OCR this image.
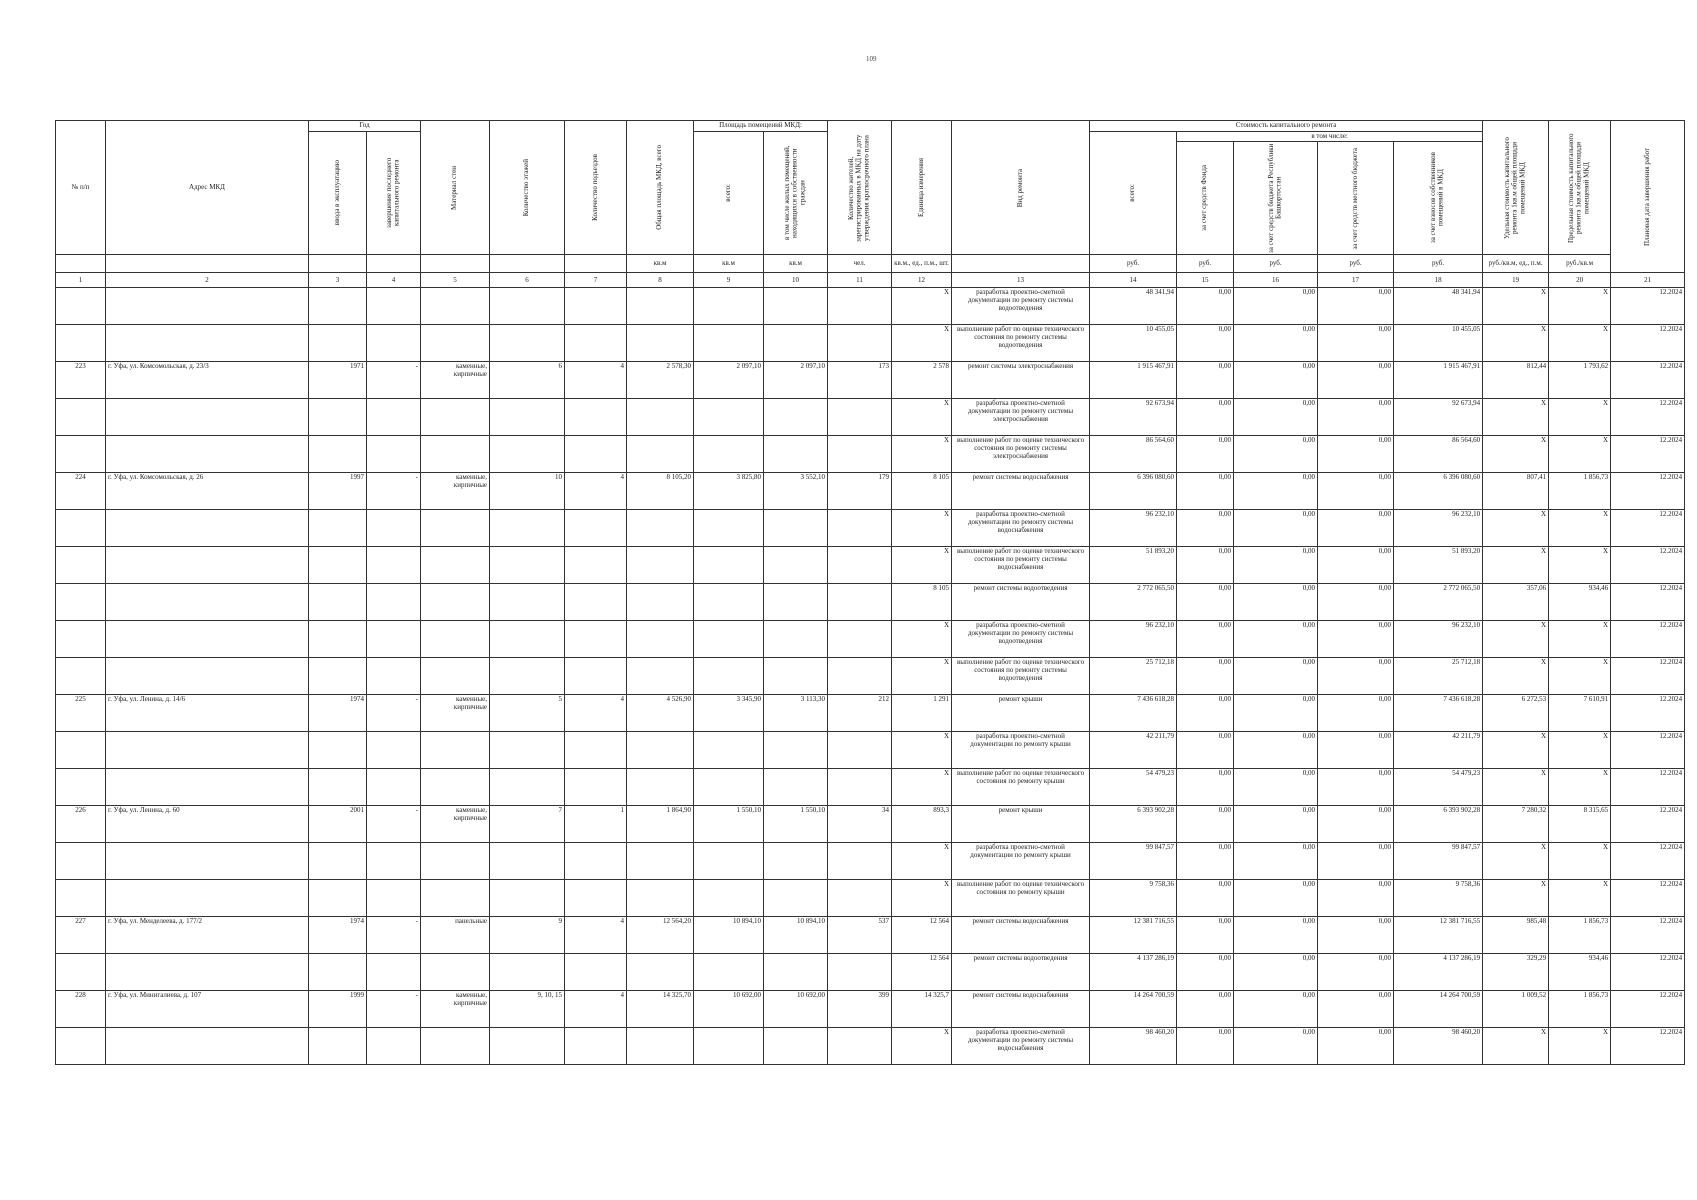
109
№ п/п	Адрес МКД	Год		Материал стен	Количество этажей	Количество подъездов	Общая площадь МКД, всего	Площадь помещений МКД:		Количество жителей, зарегистрированных в МКД на дату утверждения краткосрочного плана	Единица измерения	Вид ремонта	Стоимость капитального ремонта					Удельная стоимость капитального ремонта 1кв.м общей площади помещений МКД	Предельная стоимость капитального ремонта 1кв.м общей площади помещений МКД	Плановая дата завершения работ

		ввода в эксплуатацию	завершение последнего капитального ремонта					всего:	в том числе жилых помещений, находящихся в собственности граждан				всего:	в том числе:						

														за счет средств Фонда	за счет средств бюджета Республики Башкортостан	за счет средств местного бюджета	за счет взносов собственников помещений в МКД			

							кв.м	кв.м	кв.м	чел.	кв.м., ед., п.м., шт.		руб.	руб.	руб.	руб.	руб.	руб./кв.м, ед., п.м.	руб./кв.м	
1	2	3	4	5	6	7	8	9	10	11	12	13	14	15	16	17	18	19	20	21
											X	разработка проектно-сметной документации по ремонту системы водоотведения	48 341,94	0,00	0,00	0,00	48 341,94	X	X	12.2024
											X	выполнение работ по оценке технического состояния по ремонту системы водоотведения	10 455,05	0,00	0,00	0,00	10 455,05	X	X	12.2024
223	г. Уфа, ул. Комсомольская, д. 23/3	1971	-	каменные, кирпичные	6	4	2 578,30	2 097,10	2 097,10	173	2 578	ремонт системы электроснабжения	1 915 467,91	0,00	0,00	0,00	1 915 467,91	812,44	1 793,62	12.2024
											X	разработка проектно-сметной документации по ремонту системы электроснабжения	92 673,94	0,00	0,00	0,00	92 673,94	X	X	12.2024
											X	выполнение работ по оценке технического состояния по ремонту системы электроснабжения	86 564,60	0,00	0,00	0,00	86 564,60	X	X	12.2024
224	г. Уфа, ул. Комсомольская, д. 26	1997	-	каменные, кирпичные	10	4	8 105,20	3 825,80	3 552,10	179	8 105	ремонт системы водоснабжения	6 396 080,60	0,00	0,00	0,00	6 396 080,60	807,41	1 856,73	12.2024
											X	разработка проектно-сметной документации по ремонту системы водоснабжения	96 232,10	0,00	0,00	0,00	96 232,10	X	X	12.2024
											X	выполнение работ по оценке технического состояния по ремонту системы водоснабжения	51 893,20	0,00	0,00	0,00	51 893,20	X	X	12.2024
											8 105	ремонт системы водоотведения	2 772 065,50	0,00	0,00	0,00	2 772 065,50	357,06	934,46	12.2024
											X	разработка проектно-сметной документации по ремонту системы водоотведения	96 232,10	0,00	0,00	0,00	96 232,10	X	X	12.2024
											X	выполнение работ по оценке технического состояния по ремонту системы водоотведения	25 712,18	0,00	0,00	0,00	25 712,18	X	X	12.2024
225	г. Уфа, ул. Ленина, д. 14/6	1974	-	каменные, кирпичные	5	4	4 526,90	3 345,90	3 113,30	212	1 291	ремонт крыши	7 436 618,28	0,00	0,00	0,00	7 436 618,28	6 272,53	7 610,91	12.2024
											X	разработка проектно-сметной документации по ремонту крыши	42 211,79	0,00	0,00	0,00	42 211,79	X	X	12.2024
											X	выполнение работ по оценке технического состояния по ремонту крыши	54 479,23	0,00	0,00	0,00	54 479,23	X	X	12.2024
226	г. Уфа, ул. Ленина, д. 60	2001	-	каменные, кирпичные	7	1	1 864,90	1 550,10	1 550,10	34	893,3	ремонт крыши	6 393 902,28	0,00	0,00	0,00	6 393 902,28	7 280,32	8 315,65	12.2024
											X	разработка проектно-сметной документации по ремонту крыши	99 847,57	0,00	0,00	0,00	99 847,57	X	X	12.2024
											X	выполнение работ по оценке технического состояния по ремонту крыши	9 758,36	0,00	0,00	0,00	9 758,36	X	X	12.2024
227	г. Уфа, ул. Менделеева, д. 177/2	1974	-	панельные	9	4	12 564,20	10 894,10	10 894,10	537	12 564	ремонт системы водоснабжения	12 381 716,55	0,00	0,00	0,00	12 381 716,55	985,48	1 856,73	12.2024
											12 564	ремонт системы водоотведения	4 137 286,19	0,00	0,00	0,00	4 137 286,19	329,29	934,46	12.2024
228	г. Уфа, ул. Минигалиева, д. 107	1999	-	каменные, кирпичные	9, 10, 15	4	14 325,70	10 692,00	10 692,00	399	14 325,7	ремонт системы водоснабжения	14 264 700,59	0,00	0,00	0,00	14 264 700,59	1 009,52	1 856,73	12.2024
											X	разработка проектно-сметной документации по ремонту системы водоснабжения	98 460,20	0,00	0,00	0,00	98 460,20	X	X	12.2024
